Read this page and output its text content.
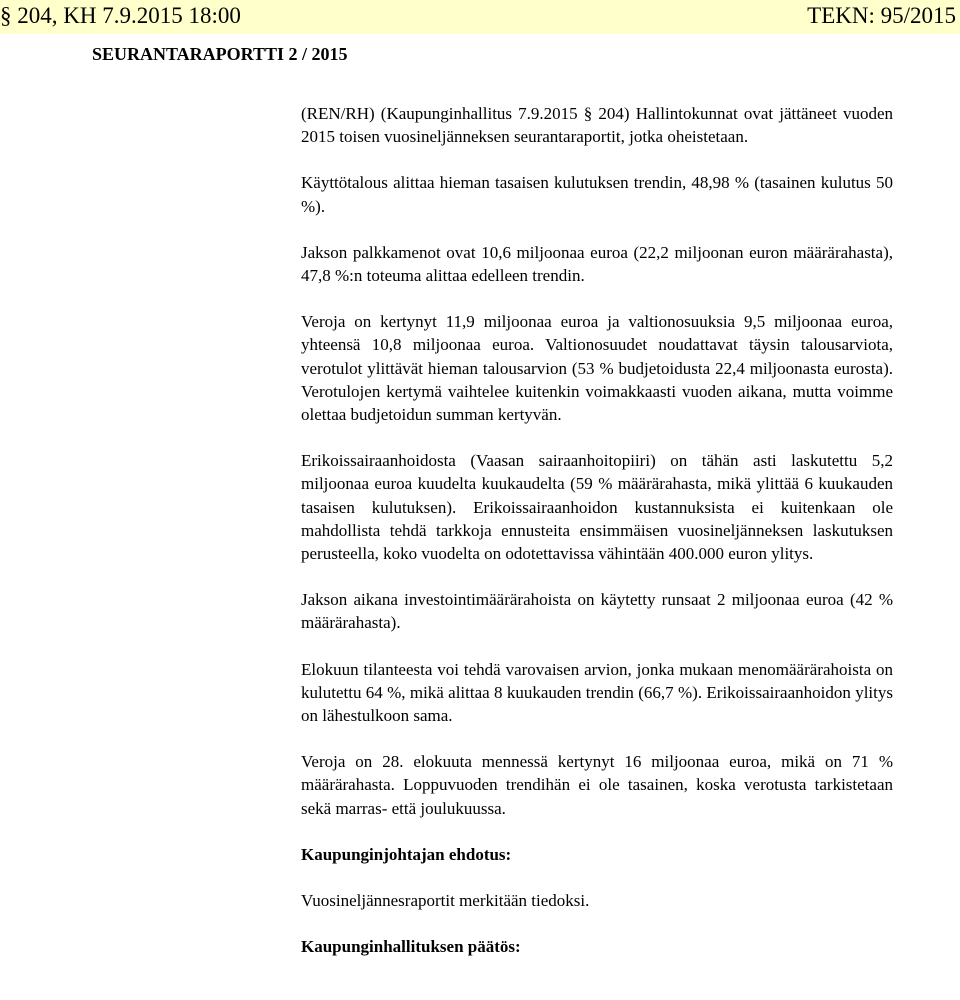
§ 204, KH 7.9.2015 18:00	TEKN: 95/2015
SEURANTARAPORTTI 2 / 2015

(REN/RH) (Kaupunginhallitus 7.9.2015 § 204) Hallintokunnat ovat jättäneet vuoden 2015 toisen vuosineljänneksen seurantaraportit, jotka oheistetaan.

Käyttötalous alittaa hieman tasaisen kulutuksen trendin, 48,98 % (tasainen kulutus 50 %).

Jakson palkkamenot ovat 10,6 miljoonaa euroa (22,2 miljoonan euron määrärahasta), 47,8 %:n toteuma alittaa edelleen trendin.

Veroja on kertynyt 11,9 miljoonaa euroa ja valtionosuuksia 9,5 miljoonaa euroa, yhteensä 10,8 miljoonaa euroa. Valtionosuudet noudattavat täysin talousarviota, verotulot ylittävät hieman talousarvion (53 % budjetoidusta 22,4 miljoonasta eurosta). Verotulojen kertymä vaihtelee kuitenkin voimakkaasti vuoden aikana, mutta voimme olettaa budjetoidun summan kertyvän.

Erikoissairaanhoidosta (Vaasan sairaanhoitopiiri) on tähän asti laskutettu 5,2 miljoonaa euroa kuudelta kuukaudelta (59 % määrärahasta, mikä ylittää 6 kuukauden tasaisen kulutuksen). Erikoissairaanhoidon kustannuksista ei kuitenkaan ole mahdollista tehdä tarkkoja ennusteita ensimmäisen vuosineljänneksen laskutuksen perusteella, koko vuodelta on odotettavissa vähintään 400.000 euron ylitys.

Jakson aikana investointimäärärahoista on käytetty runsaat 2 miljoonaa euroa (42 % määrärahasta).

Elokuun tilanteesta voi tehdä varovaisen arvion, jonka mukaan menomäärärahoista on kulutettu 64 %, mikä alittaa 8 kuukauden trendin (66,7 %). Erikoissairaanhoidon ylitys on lähestulkoon sama.

Veroja on 28. elokuuta mennessä kertynyt 16 miljoonaa euroa, mikä on 71 % määrärahasta. Loppuvuoden trendihän ei ole tasainen, koska verotusta tarkistetaan sekä marras- että joulukuussa.

Kaupunginjohtajan ehdotus:

Vuosineljännesraportit merkitään tiedoksi.

Kaupunginhallituksen päätös:
